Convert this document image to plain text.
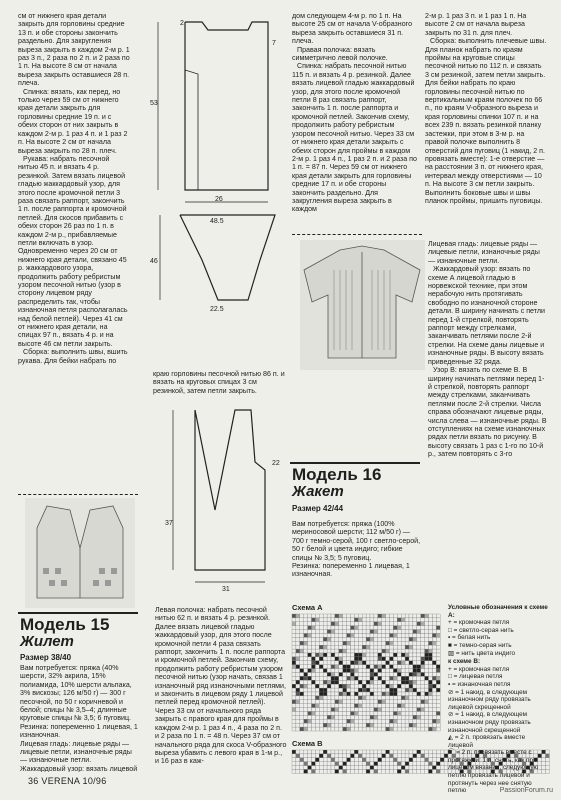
см от нижнего края детали закрыть для горловины средние 13 п. и обе стороны закончить раздельно. Для закругления выреза закрыть в каждом 2-м р. 1 раз 3 п., 2 раза по 2 п. и 2 раза по 1 п. На высоте 8 см от начала выреза закрыть оставшиеся 28 п. плеча.

Спинка: вязать, как перед, но только через 59 см от нижнего края детали закрыть для горловины средние 19 п. и с обеих сторон от них закрыть в каждом 2-м р. 1 раз 4 п. и 1 раз 2 п. На высоте 2 см от начала выреза закрыть по 28 п. плеч.

Рукава: набрать песочной нитью 45 п. и вязать 4 р. резинкой. Затем вязать лицевой гладью жаккардовый узор, для этого после кромочной петли 3 раза связать раппорт, закончить 1 п. после раппорта и кромочной петлей. Для скосов прибавить с обеих сторон 26 раз по 1 п. в каждом 2-м р., прибавляемые петли включать в узор. Одновременно через 20 см от нижнего края детали, связано 45 р. жаккардового узора, продолжить работу ребристым узором песочной нитью (узор в сторону лицевом ряду распределить так, чтобы изнаночная петля располагалась над белой петлей). Через 41 см от нижнего края детали, на спицах 97 п., вязать 4 р. и на высоте 46 см петли закрыть.

Сборка: выполнить швы, вшить рукава. Для бейки набрать по

53
26
2
7
46
22.5
48.5

краю горловины песочной нитью 86 п. и вязать на круговых спицах 3 см резинкой, затем петли закрыть.

дом следующем 4-м р. по 1 п. На высоте 25 см от начала V-образного выреза закрыть оставшиеся 31 п. плеча.

Правая полочка: вязать симметрично левой полочке.

Спинка: набрать песочной нитью 115 п. и вязать 4 р. резинкой. Далее вязать лицевой гладью жаккардовый узор, для этого после кромочной петли 8 раз связать раппорт, закончить 1 п. после раппорта и кромочной петлей. Закончив схему, продолжить работу ребристым узором песочной нитью. Через 33 см от нижнего края детали закрыть с обеих сторон для проймы в каждом 2-м р. 1 раз 4 п., 1 раз 2 п. и 2 раза по 1 п. = 87 п. Через 59 см от нижнего края детали закрыть для горловины средние 17 п. и обе стороны закончить раздельно. Для закругления выреза закрыть в каждом

2-м р. 1 раз 3 п. и 1 раз 1 п. На высоте 2 см от начала выреза закрыть по 31 п. для плеч.

Сборка: выполнить плечевые швы. Для планок набрать по краям проймы на круговые спицы песочной нитью по 112 п. и связать 3 см резинкой, затем петли закрыть. Для бейки набрать по краю горловины песочной нитью по вертикальным краям полочек по 66 п., по краям V-образного выреза и края горловины спинки 107 п. и на всех 239 п. вязать резинкой планку застежки, при этом в 3-м р. на правой полочке выполнить 8 отверстий для пуговиц (1 накид, 2 п. провязать вместе): 1-е отверстие — на расстоянии 3 п. от нижнего края, интервал между отверстиями — 10 п. На высоте 3 см петли закрыть. Выполнить боковые швы и швы планок проймы, пришить пуговицы.

Лицевая гладь: лицевые ряды — лицевые петли, изнаночные ряды — изнаночные петли.

Жаккардовый узор: вязать по схеме А лицевой гладью в норвежской технике, при этом нерабочую нить протягивать свободно по изнаночной стороне детали. В ширину начинать с петли перед 1-й стрелкой, повторять раппорт между стрелками, заканчивать петлями после 2-й стрелки. На схеме даны лицевые и изнаночные ряды. В высоту вязать приведенные 32 ряда.

Узор В: вязать по схеме В. В ширину начинать петлями перед 1-й стрелкой, повторять раппорт между стрелками, заканчивать петлями после 2-й стрелки. Числа справа обозначают лицевые ряды, числа слева — изнаночные ряды. В отступлениях на схеме изнаночных рядах петли вязать по рисунку. В высоту связать 1 раз с 1-го по 10-й р., затем повторять с 3-го

Модель 16
Жакет
Размер 42/44

Вам потребуется: пряжа (100% мериносовой шерсти; 112 м/50 г) — 700 г темно-серой, 100 г светло-серой, 50 г белой и цвета индиго; гибкие спицы № 3,5; 5 пуговиц.

Резинка: попеременно 1 лицевая, 1 изнаночная.

Модель 15
Жилет
Размер 38/40

Вам потребуется: пряжа (40% шерсти, 32% акрила, 15% полиамида, 10% шерсти альпака, 3% вискозы; 126 м/50 г) — 300 г песочной, по 50 г коричневой и белой; спицы № 3,5–4; длинные круговые спицы № 3,5; 6 пуговиц.

Резинка: попеременно 1 лицевая, 1 изнаночная.

Лицевая гладь: лицевые ряды — лицевые петли, изнаночные ряды — изнаночные петли.

Жаккардовый узор: вязать лицевой

37
31
22

Левая полочка: набрать песочной нитью 62 п. и вязать 4 р. резинкой. Далее вязать лицевой гладью жаккардовый узор, для этого после кромочной петли 4 раза связать раппорт, закончить 1 п. после раппорта и кромочной петлей. Закончив схему, продолжить работу ребристым узором песочной нитью (узор начать, связав 1 изнаночный ряд изнаночными петлями, и закончить в лицевом ряду 1 лицевой петлей перед кромочной петлей). Через 33 см от начального ряда закрыть с правого края для проймы в каждом 2-м р. 1 раз 4 п., 4 раза по 2 п. и 2 раза по 1 п. = 48 п. Через 37 см от начального ряда для скоса V-образного выреза убавить с левого края в 1-м р., и 16 раз в каж-

Схема А
Схема В
Условные обозначения к схеме А:
+ = кромочная петля
□ = светло-серая нить
▪ = белая нить
■ = темно-серая нить
▨ = нить цвета индиго
к схеме В:
+ = кромочная петля
□ = лицевая петля
▪ = изнаночная петля
⊘ = 1 накид, в следующем изнаночном ряду провязать лицевой скрещенной
⊘ = 1 накид, в следующем изнаночном ряду провязать изнаночной скрещенной
◭ = 2 п. провязать вместе лицевой
⌒ = 2 п. провязать вместе с протяжкой: 1 п. снять, как при лицевом вязании, следующую петлю провязать лицевой и протянуть через нее снятую петлю
36 VERENA 10/96
PassionForum.ru
